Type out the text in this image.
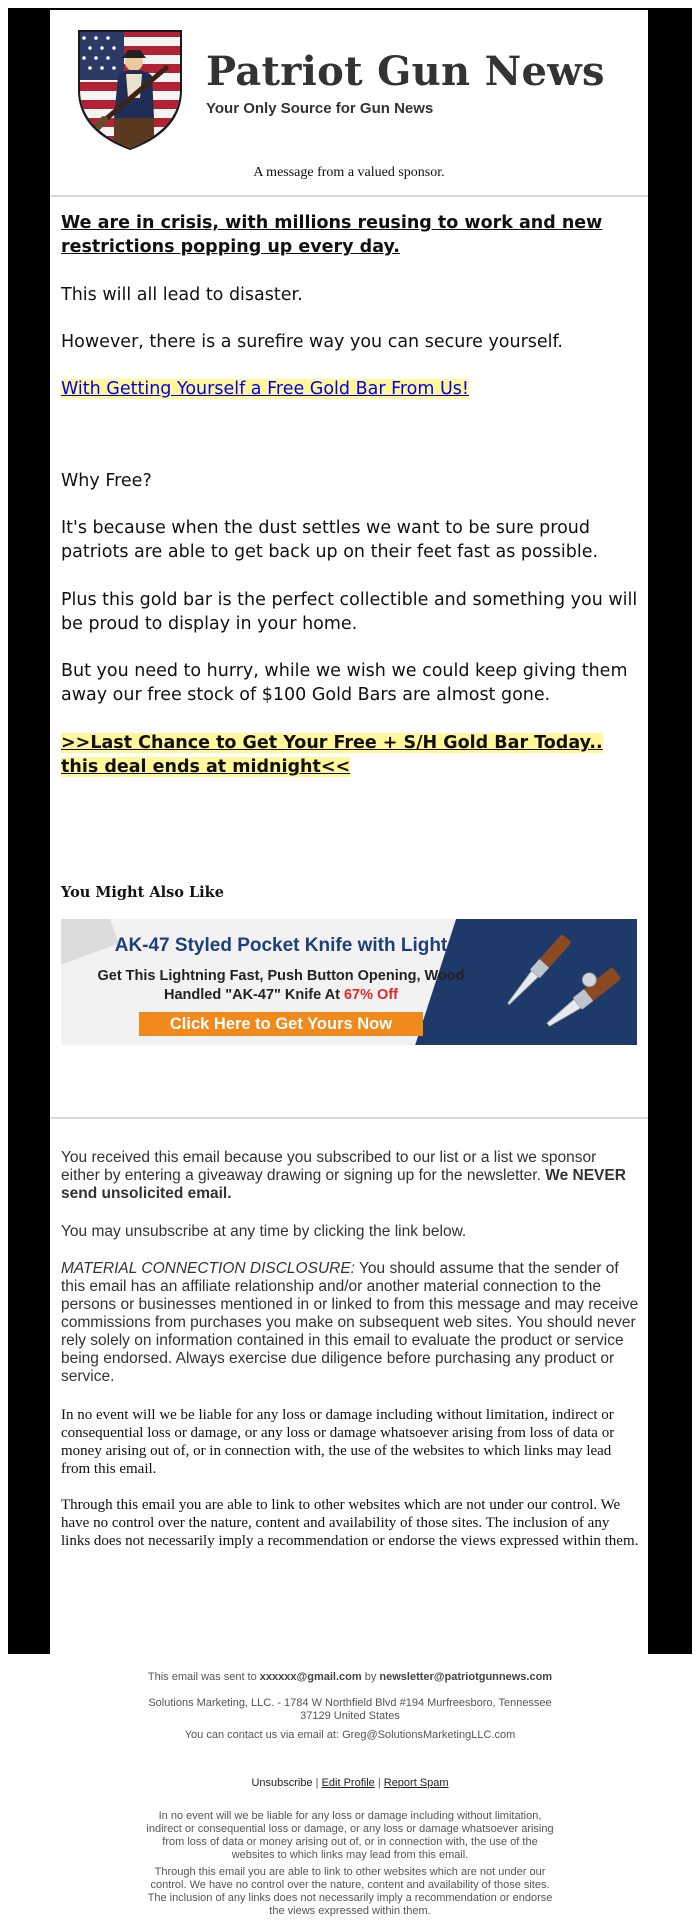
Patriot Gun News
Your Only Source for Gun News
A message from a valued sponsor.

We are in crisis, with millions reusing to work and new restrictions popping up every day.

This will all lead to disaster.

However, there is a surefire way you can secure yourself.

With Getting Yourself a Free Gold Bar From Us!

Why Free?

It's because when the dust settles we want to be sure proud patriots are able to get back up on their feet fast as possible.

Plus this gold bar is the perfect collectible and something you will be proud to display in your home.

But you need to hurry, while we wish we could keep giving them away our free stock of $100 Gold Bars are almost gone.

>>Last Chance to Get Your Free + S/H Gold Bar Today.. this deal ends at midnight<<

You Might Also Like
AK-47 Styled Pocket Knife with Light
Get This Lightning Fast, Push Button Opening, Wood
Handled "AK-47" Knife At 67% Off
Click Here to Get Yours Now

You received this email because you subscribed to our list or a list we sponsor either by entering a giveaway drawing or signing up for the newsletter. We NEVER send unsolicited email.

You may unsubscribe at any time by clicking the link below.

MATERIAL CONNECTION DISCLOSURE: You should assume that the sender of this email has an affiliate relationship and/or another material connection to the persons or businesses mentioned in or linked to from this message and may receive commissions from purchases you make on subsequent web sites. You should never rely solely on information contained in this email to evaluate the product or service being endorsed. Always exercise due diligence before purchasing any product or service.

In no event will we be liable for any loss or damage including without limitation, indirect or consequential loss or damage, or any loss or damage whatsoever arising from loss of data or money arising out of, or in connection with, the use of the websites to which links may lead from this email.

Through this email you are able to link to other websites which are not under our control. We have no control over the nature, content and availability of those sites. The inclusion of any links does not necessarily imply a recommendation or endorse the views expressed within them.

This email was sent to xxxxxx@gmail.com by newsletter@patriotgunnews.com
Solutions Marketing, LLC. - 1784 W Northfield Blvd #194 Murfreesboro, Tennessee 37129 United States
You can contact us via email at: Greg@SolutionsMarketingLLC.com
Unsubscribe | Edit Profile | Report Spam
In no event will we be liable for any loss or damage including without limitation, indirect or consequential loss or damage, or any loss or damage whatsoever arising from loss of data or money arising out of, or in connection with, the use of the websites to which links may lead from this email.
Through this email you are able to link to other websites which are not under our control. We have no control over the nature, content and availability of those sites. The inclusion of any links does not necessarily imply a recommendation or endorse the views expressed within them.
